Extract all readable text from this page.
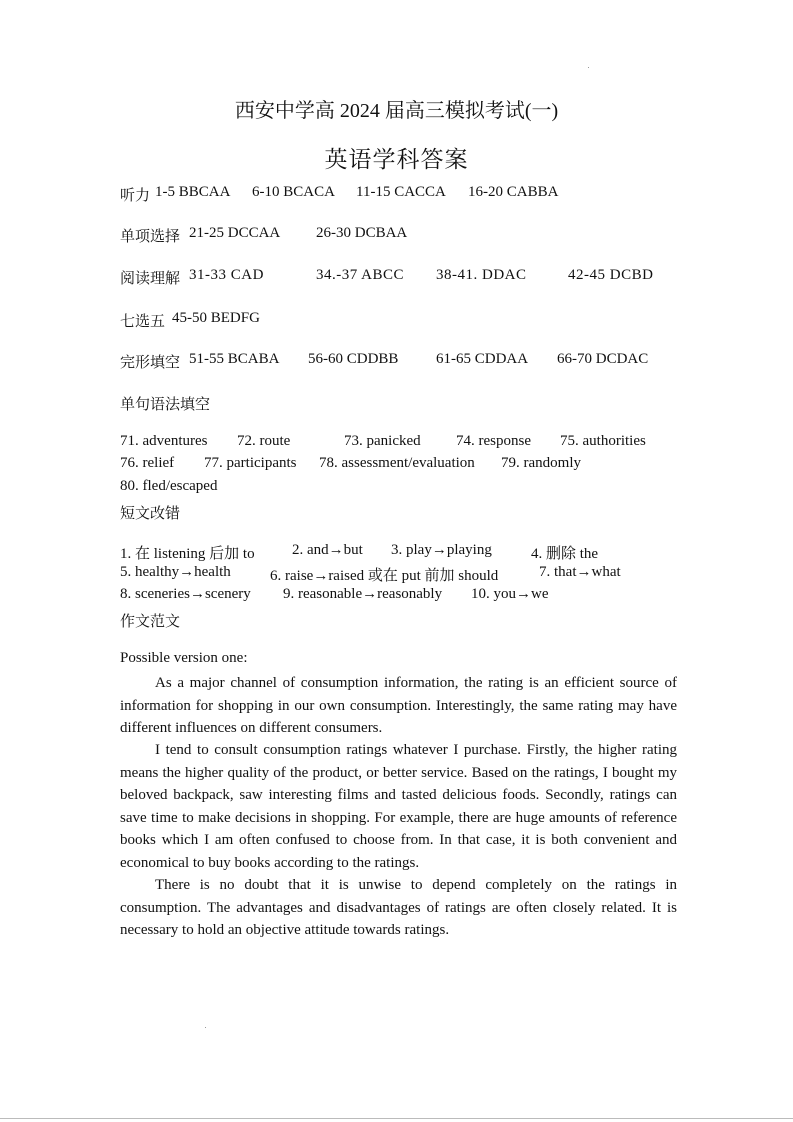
西安中学高 2024 届高三模拟考试(一)
英语学科答案
听力 1-5 BBCAA 6-10 BCACA 11-15 CACCA 16-20 CABBA
单项选择 21-25 DCCAA 26-30 DCBAA
阅读理解 31-33 CAD	34.-37 ABCC 38-41. DDAC	42-45 DCBD
七选五 45-50 BEDFG
完形填空 51-55 BCABA 56-60 CDDBB	61-65 CDDAA 66-70 DCDAC
单句语法填空
71. adventures 72. route	73. panicked 74. response 75. authorities
76. relief 77. participants 78. assessment/evaluation 79. randomly
80. fled/escaped
短文改错
1. 在 listening 后加 to 2. and→but 3. play→playing	4. 删除 the
5. healthy→health	6. raise→raised 或在 put 前加 should	7. that→what
8. sceneries→scenery 9. reasonable→reasonably 10. you→we
作文范文
Possible version one:
As a major channel of consumption information, the rating is an efficient source of information for shopping in our own consumption. Interestingly, the same rating may have different influences on different consumers.
I tend to consult consumption ratings whatever I purchase. Firstly, the higher rating means the higher quality of the product, or better service. Based on the ratings, I bought my beloved backpack, saw interesting films and tasted delicious foods. Secondly, ratings can save time to make decisions in shopping. For example, there are huge amounts of reference books which I am often confused to choose from. In that case, it is both convenient and economical to buy books according to the ratings.
There is no doubt that it is unwise to depend completely on the ratings in consumption. The advantages and disadvantages of ratings are often closely related. It is necessary to hold an objective attitude towards ratings.
